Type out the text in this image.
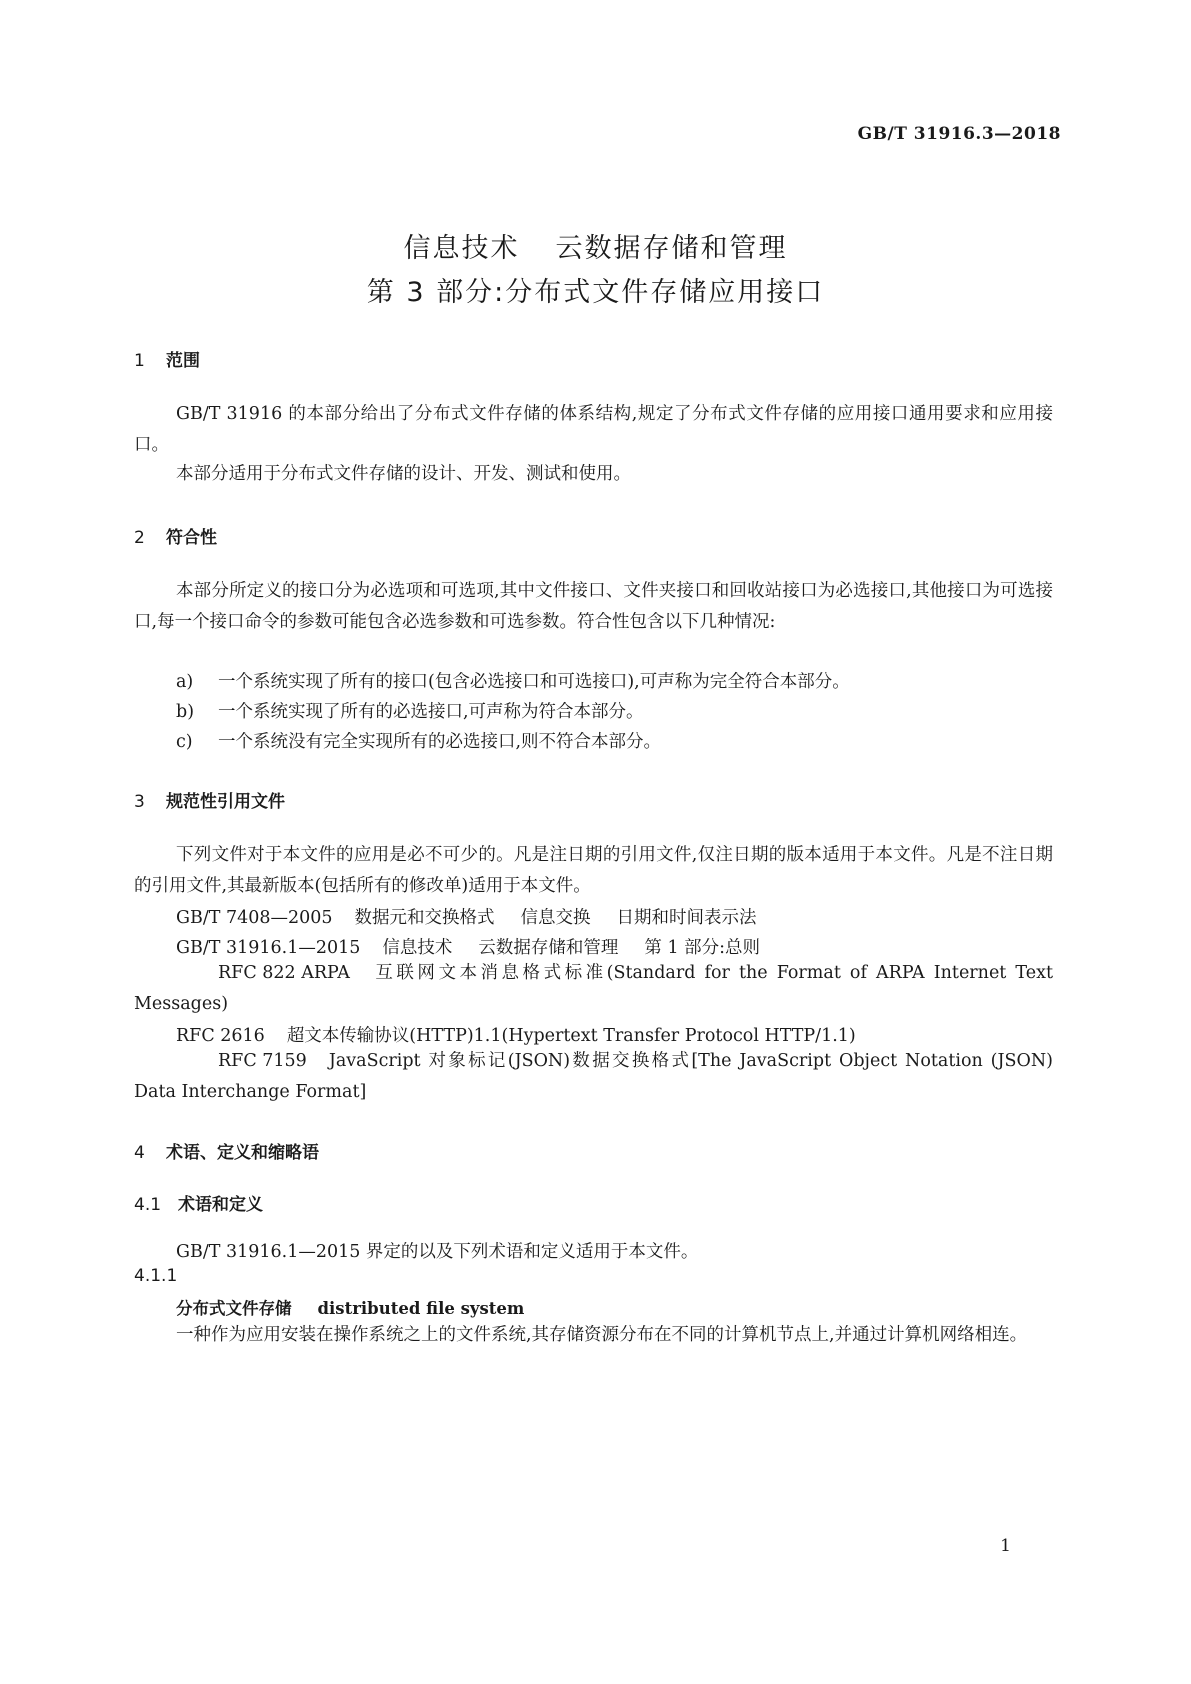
GB/T 31916.3—2018
信息技术 云数据存储和管理
第 3 部分:分布式文件存储应用接口
1 范围
GB/T 31916 的本部分给出了分布式文件存储的体系结构,规定了分布式文件存储的应用接口通用要求和应用接口。
本部分适用于分布式文件存储的设计、开发、测试和使用。
2 符合性
本部分所定义的接口分为必选项和可选项,其中文件接口、文件夹接口和回收站接口为必选接口,其他接口为可选接口,每一个接口命令的参数可能包含必选参数和可选参数。符合性包含以下几种情况:
a) 一个系统实现了所有的接口(包含必选接口和可选接口),可声称为完全符合本部分。
b) 一个系统实现了所有的必选接口,可声称为符合本部分。
c) 一个系统没有完全实现所有的必选接口,则不符合本部分。
3 规范性引用文件
下列文件对于本文件的应用是必不可少的。凡是注日期的引用文件,仅注日期的版本适用于本文件。凡是不注日期的引用文件,其最新版本(包括所有的修改单)适用于本文件。
GB/T 7408—2005 数据元和交换格式 信息交换 日期和时间表示法
GB/T 31916.1—2015 信息技术 云数据存储和管理 第 1 部分:总则
RFC 822 ARPA 互联网文本消息格式标准(Standard for the Format of ARPA Internet Text Messages)
RFC 2616 超文本传输协议(HTTP)1.1(Hypertext Transfer Protocol HTTP/1.1)
RFC 7159 JavaScript 对象标记(JSON)数据交换格式[The JavaScript Object Notation (JSON) Data Interchange Format]
4 术语、定义和缩略语
4.1 术语和定义
GB/T 31916.1—2015 界定的以及下列术语和定义适用于本文件。
4.1.1
分布式文件存储 distributed file system
一种作为应用安装在操作系统之上的文件系统,其存储资源分布在不同的计算机节点上,并通过计算机网络相连。
1
